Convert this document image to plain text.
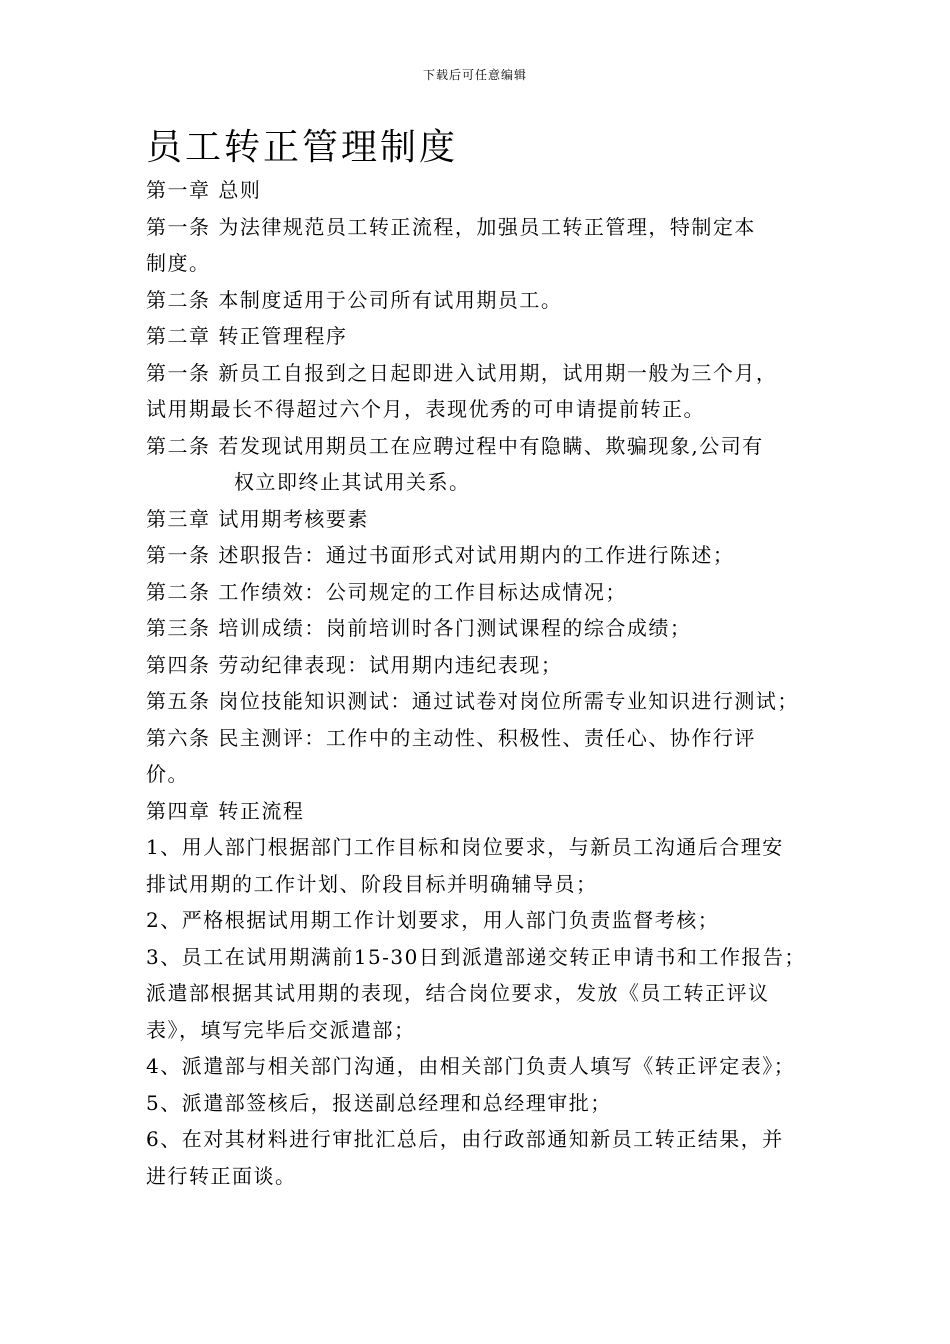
下载后可任意编辑
员工转正管理制度
第一章 总则
第一条 为法律规范员工转正流程，加强员工转正管理，特制定本
制度。
第二条 本制度适用于公司所有试用期员工。
第二章 转正管理程序
第一条 新员工自报到之日起即进入试用期，试用期一般为三个月，
试用期最长不得超过六个月，表现优秀的可申请提前转正。
第二条 若发现试用期员工在应聘过程中有隐瞒、欺骗现象,公司有
权立即终止其试用关系。
第三章 试用期考核要素
第一条 述职报告：通过书面形式对试用期内的工作进行陈述；
第二条 工作绩效：公司规定的工作目标达成情况；
第三条 培训成绩：岗前培训时各门测试课程的综合成绩；
第四条 劳动纪律表现：试用期内违纪表现；
第五条 岗位技能知识测试：通过试卷对岗位所需专业知识进行测试；
第六条 民主测评：工作中的主动性、积极性、责任心、协作行评
价。
第四章 转正流程
1、用人部门根据部门工作目标和岗位要求，与新员工沟通后合理安
排试用期的工作计划、阶段目标并明确辅导员；
2、严格根据试用期工作计划要求，用人部门负责监督考核；
3、员工在试用期满前15-30日到派遣部递交转正申请书和工作报告；
派遣部根据其试用期的表现，结合岗位要求，发放《员工转正评议
表》，填写完毕后交派遣部；
4、派遣部与相关部门沟通，由相关部门负责人填写《转正评定表》；
5、派遣部签核后，报送副总经理和总经理审批；
6、在对其材料进行审批汇总后，由行政部通知新员工转正结果，并
进行转正面谈。
